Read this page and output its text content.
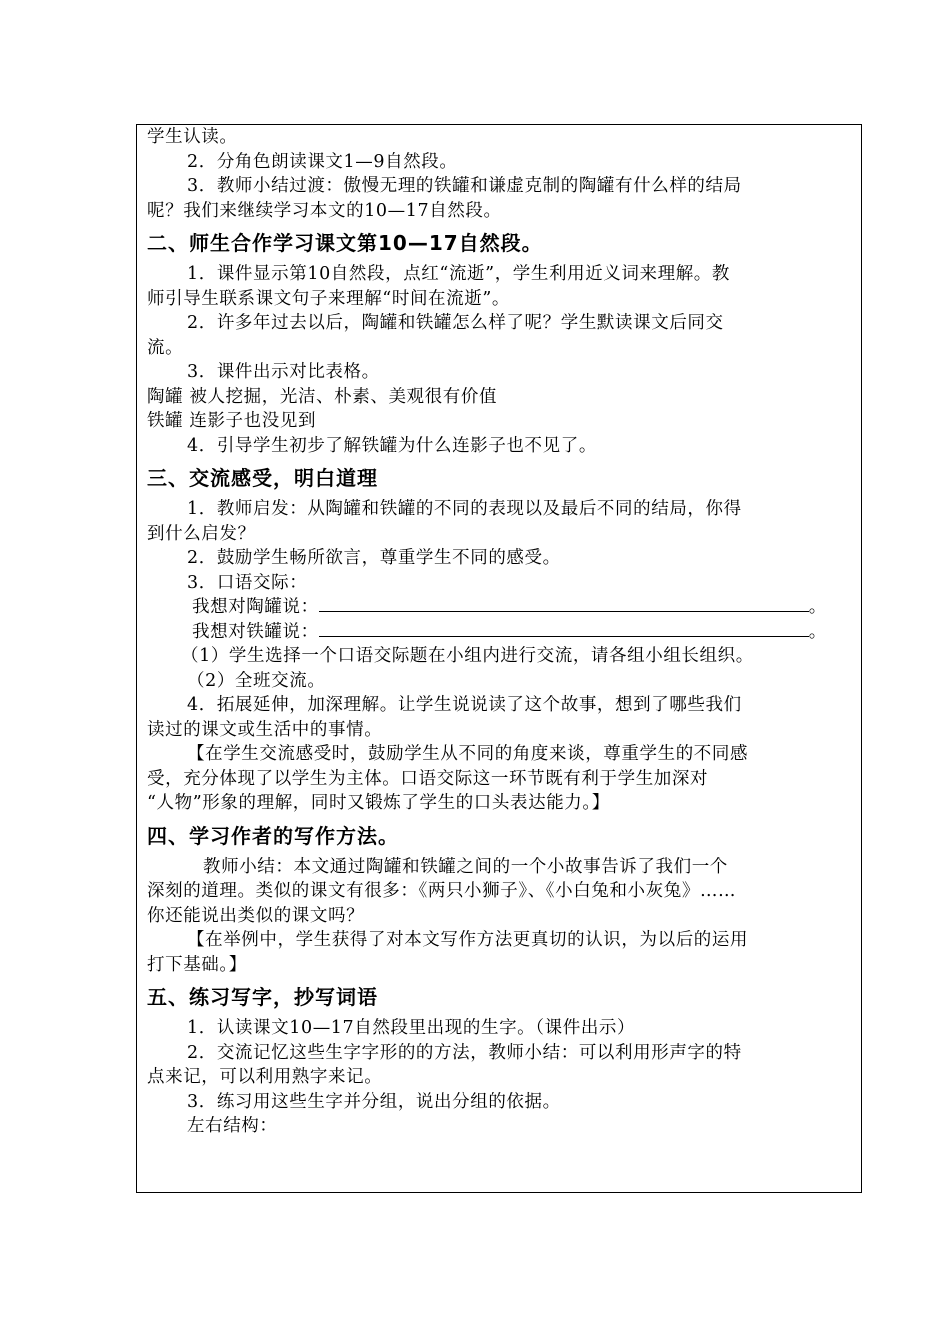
学生认读。
2．分角色朗读课文1—9自然段。
3．教师小结过渡：傲慢无理的铁罐和谦虚克制的陶罐有什么样的结局
呢？我们来继续学习本文的10—17自然段。
二、师生合作学习课文第10—17自然段。
1．课件显示第10自然段，点红“流逝”，学生利用近义词来理解。教
师引导生联系课文句子来理解“时间在流逝”。
2．许多年过去以后，陶罐和铁罐怎么样了呢？学生默读课文后同交
流。
3．课件出示对比表格。
陶罐 被人挖掘，光洁、朴素、美观很有价值
铁罐 连影子也没见到
4．引导学生初步了解铁罐为什么连影子也不见了。
三、交流感受，明白道理
1．教师启发：从陶罐和铁罐的不同的表现以及最后不同的结局，你得
到什么启发？
2．鼓励学生畅所欲言，尊重学生不同的感受。
3．口语交际：
我想对陶罐说：	。
我想对铁罐说：	。
（1）学生选择一个口语交际题在小组内进行交流，请各组小组长组织。
（2）全班交流。
4．拓展延伸，加深理解。让学生说说读了这个故事，想到了哪些我们
读过的课文或生活中的事情。
【在学生交流感受时，鼓励学生从不同的角度来谈，尊重学生的不同感
受，充分体现了以学生为主体。口语交际这一环节既有利于学生加深对
“人物”形象的理解，同时又锻炼了学生的口头表达能力。】
四、学习作者的写作方法。
教师小结：本文通过陶罐和铁罐之间的一个小故事告诉了我们一个
深刻的道理。类似的课文有很多：《两只小狮子》、《小白兔和小灰兔》……
你还能说出类似的课文吗？
【在举例中，学生获得了对本文写作方法更真切的认识，为以后的运用
打下基础。】
五、练习写字，抄写词语
1．认读课文10—17自然段里出现的生字。（课件出示）
2．交流记忆这些生字字形的的方法，教师小结：可以利用形声字的特
点来记，可以利用熟字来记。
3．练习用这些生字并分组，说出分组的依据。
左右结构：
